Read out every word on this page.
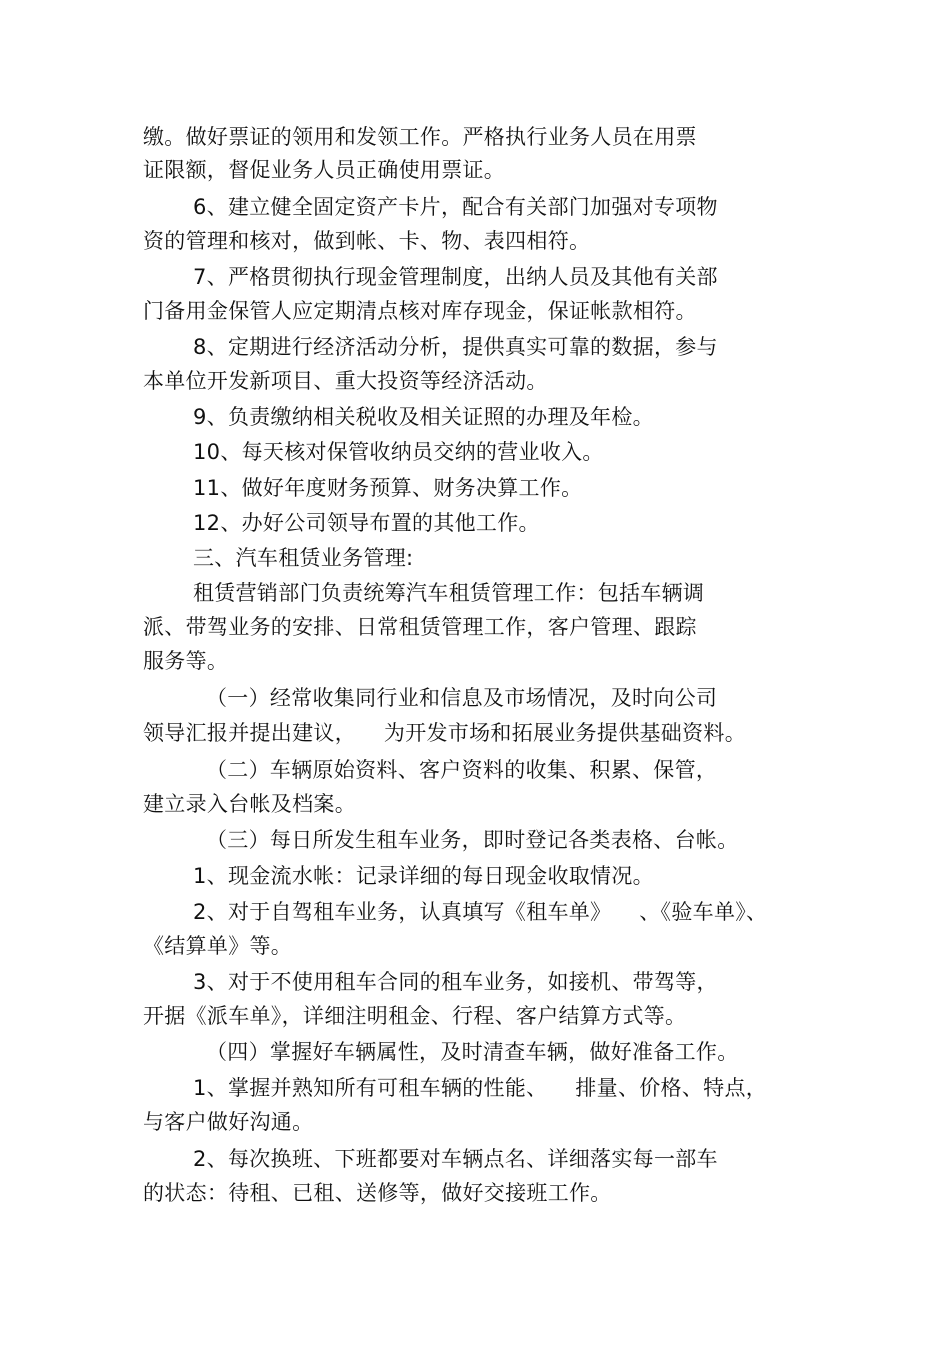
缴。做好票证的领用和发领工作。严格执行业务人员在用票
证限额，督促业务人员正确使用票证。
6、建立健全固定资产卡片，配合有关部门加强对专项物
资的管理和核对，做到帐、卡、物、表四相符。
7、严格贯彻执行现金管理制度，出纳人员及其他有关部
门备用金保管人应定期清点核对库存现金，保证帐款相符。
8、定期进行经济活动分析，提供真实可靠的数据，参与
本单位开发新项目、重大投资等经济活动。
9、负责缴纳相关税收及相关证照的办理及年检。
10、每天核对保管收纳员交纳的营业收入。
11、做好年度财务预算、财务决算工作。
12、办好公司领导布置的其他工作。
三、汽车租赁业务管理:
租赁营销部门负责统筹汽车租赁管理工作：包括车辆调
派、带驾业务的安排、日常租赁管理工作，客户管理、跟踪
服务等。
（一）经常收集同行业和信息及市场情况，及时向公司
领导汇报并提出建议，    为开发市场和拓展业务提供基础资料。
（二）车辆原始资料、客户资料的收集、积累、保管，
建立录入台帐及档案。
（三）每日所发生租车业务，即时登记各类表格、台帐。
1、现金流水帐：记录详细的每日现金收取情况。
2、对于自驾租车业务，认真填写《租车单》    、《验车单》、
《结算单》等。
3、对于不使用租车合同的租车业务，如接机、带驾等，
开据《派车单》，详细注明租金、行程、客户结算方式等。
（四）掌握好车辆属性，及时清查车辆，做好准备工作。
1、掌握并熟知所有可租车辆的性能、    排量、价格、特点，
与客户做好沟通。
2、每次换班、下班都要对车辆点名、详细落实每一部车
的状态：待租、已租、送修等，做好交接班工作。
